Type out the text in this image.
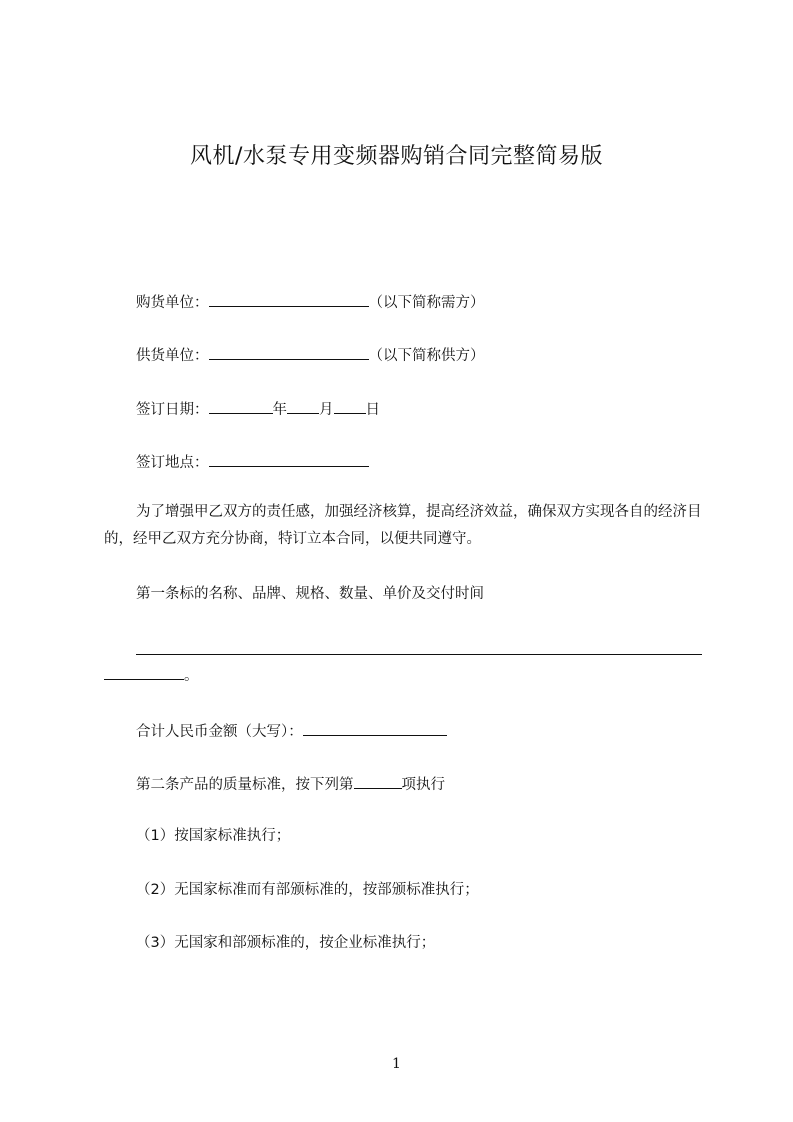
风机/水泵专用变频器购销合同完整简易版
购货单位：	（以下简称需方）
供货单位：	（以下简称供方）
签订日期：	年 月 日
签订地点：
为了增强甲乙双方的责任感，加强经济核算，提高经济效益，确保双方实现各自的经济目的，经甲乙双方充分协商，特订立本合同，以便共同遵守。
第一条标的名称、品牌、规格、数量、单价及交付时间
。
合计人民币金额（大写）：
第二条产品的质量标准，按下列第	项执行
（1）按国家标准执行；
（2）无国家标准而有部颁标准的，按部颁标准执行；
（3）无国家和部颁标准的，按企业标准执行；
1
